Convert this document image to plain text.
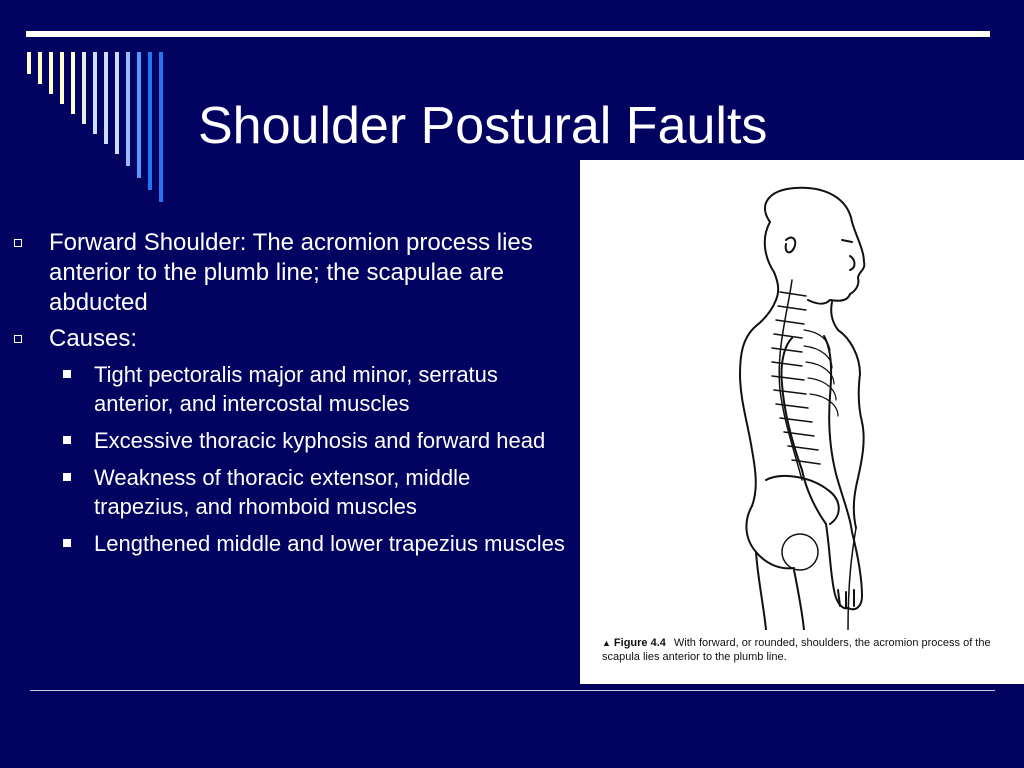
Shoulder Postural Faults
Forward Shoulder: The acromion process lies anterior to the plumb line; the scapulae are abducted
Causes:
Tight pectoralis major and minor, serratus anterior, and intercostal muscles
Excessive thoracic kyphosis and forward head
Weakness of thoracic extensor, middle trapezius, and rhomboid muscles
Lengthened middle and lower trapezius muscles
▲ Figure 4.4 With forward, or rounded, shoulders, the acromion process of the scapula lies anterior to the plumb line.
